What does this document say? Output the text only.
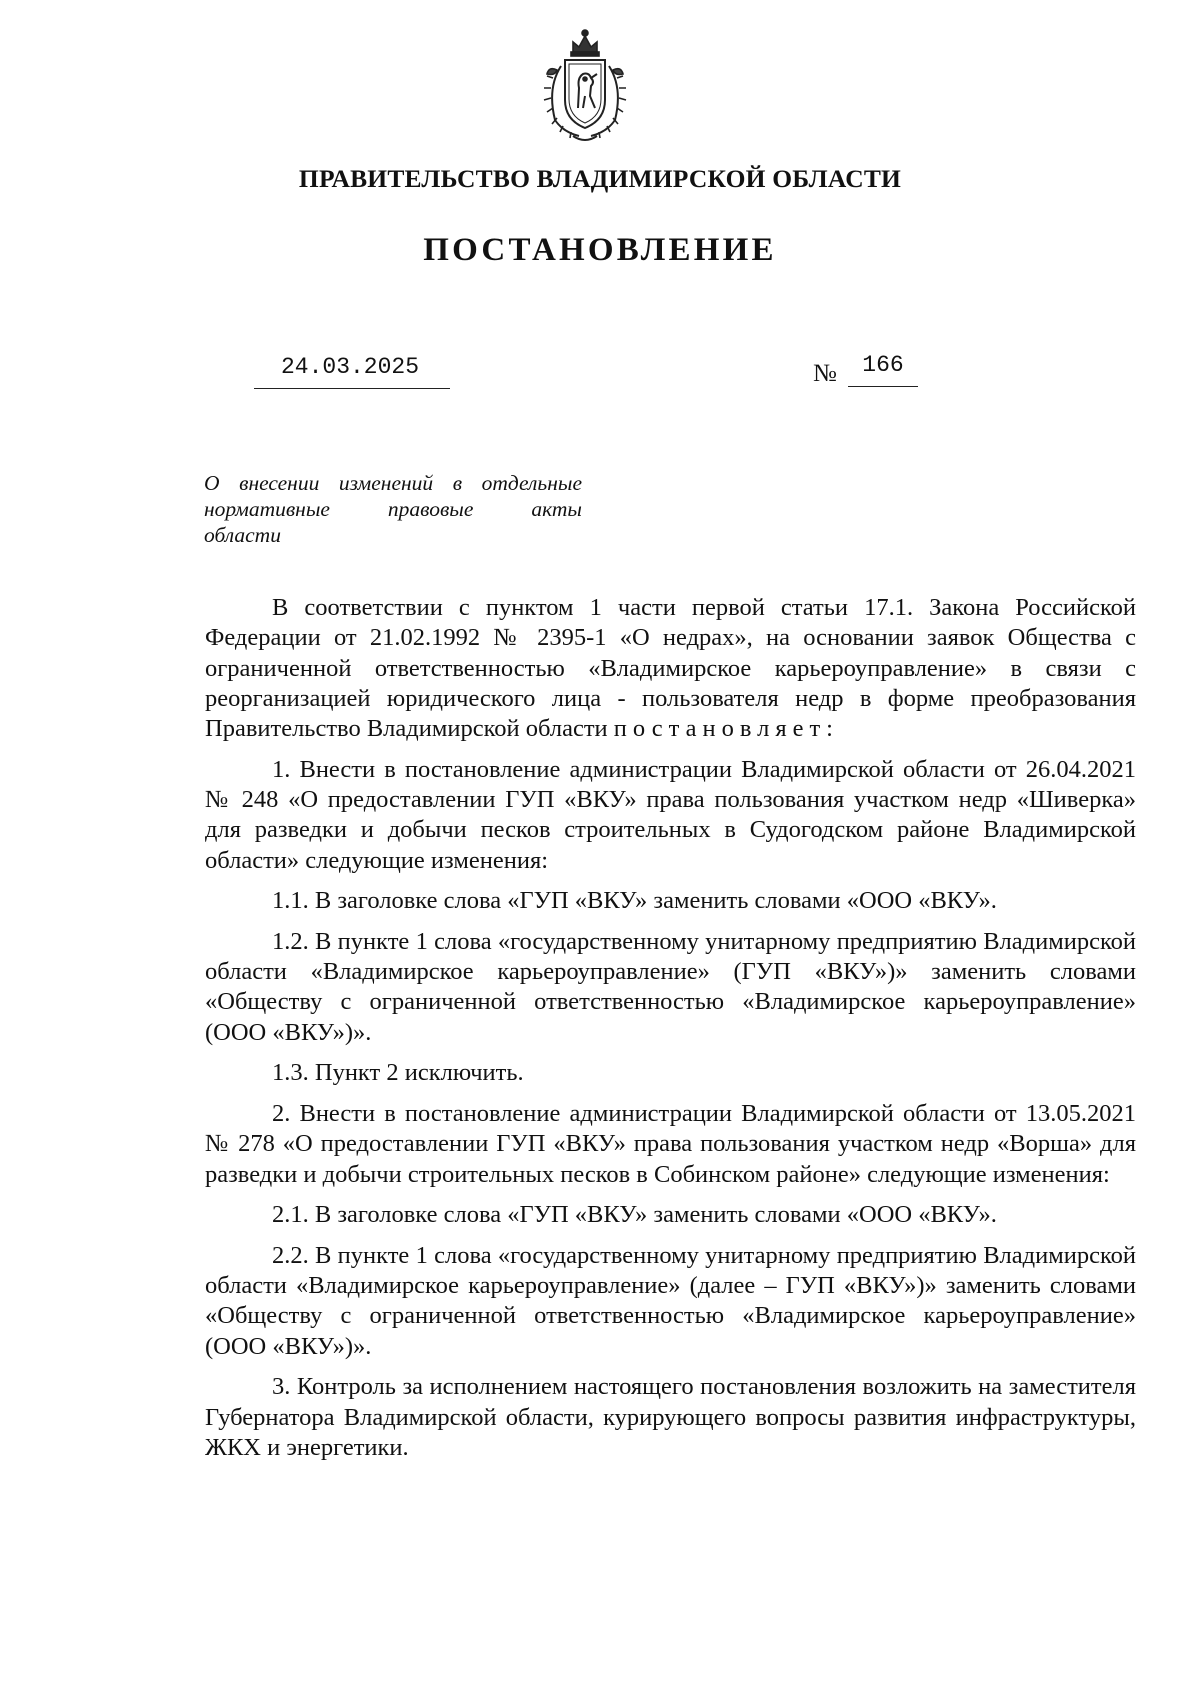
ПРАВИТЕЛЬСТВО ВЛАДИМИРСКОЙ ОБЛАСТИ
ПОСТАНОВЛЕНИЕ
24.03.2025	№	166
О внесении изменений в отдельные
нормативные правовые акты
области

В соответствии с пунктом 1 части первой статьи 17.1. Закона Российской Федерации от 21.02.1992 № 2395-1 «О недрах», на основании заявок Общества с ограниченной ответственностью «Владимирское карьероуправление» в связи с реорганизацией юридического лица - пользователя недр в форме преобразования Правительство Владимирской области постановляет:

1. Внести в постановление администрации Владимирской области от 26.04.2021 № 248 «О предоставлении ГУП «ВКУ» права пользования участком недр «Шиверка» для разведки и добычи песков строительных в Судогодском районе Владимирской области» следующие изменения:

1.1. В заголовке слова «ГУП «ВКУ» заменить словами «ООО «ВКУ».

1.2. В пункте 1 слова «государственному унитарному предприятию Владимирской области «Владимирское карьероуправление» (ГУП «ВКУ»)» заменить словами «Обществу с ограниченной ответственностью «Владимирское карьероуправление» (ООО «ВКУ»)».

1.3. Пункт 2 исключить.

2. Внести в постановление администрации Владимирской области от 13.05.2021 № 278 «О предоставлении ГУП «ВКУ» права пользования участком недр «Ворша» для разведки и добычи строительных песков в Собинском районе» следующие изменения:

2.1. В заголовке слова «ГУП «ВКУ» заменить словами «ООО «ВКУ».

2.2. В пункте 1 слова «государственному унитарному предприятию Владимирской области «Владимирское карьероуправление» (далее – ГУП «ВКУ»)» заменить словами «Обществу с ограниченной ответственностью «Владимирское карьероуправление» (ООО «ВКУ»)».

3. Контроль за исполнением настоящего постановления возложить на заместителя Губернатора Владимирской области, курирующего вопросы развития инфраструктуры, ЖКХ и энергетики.
